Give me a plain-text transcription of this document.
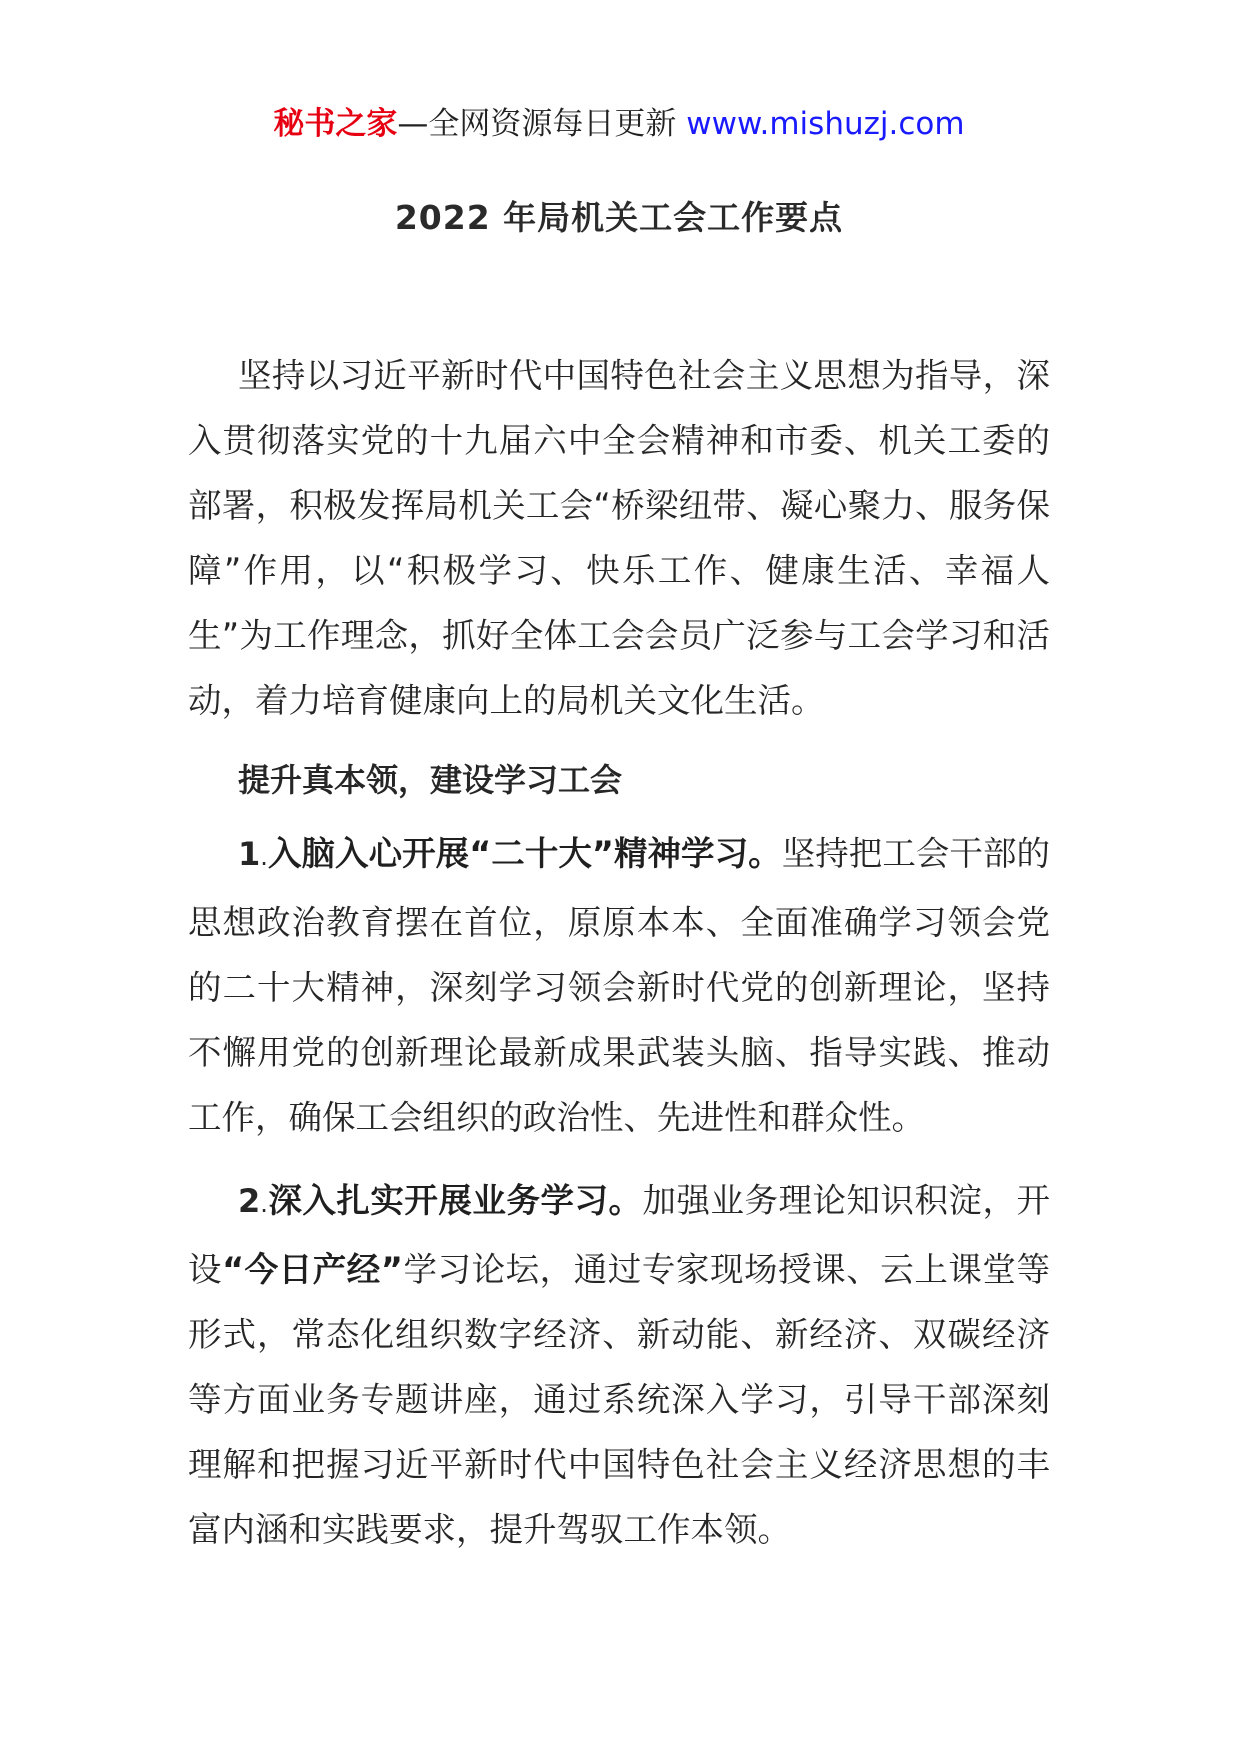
秘书之家—全网资源每日更新 www.mishuzj.com
2022 年局机关工会工作要点

坚持以习近平新时代中国特色社会主义思想为指导，深入贯彻落实党的十九届六中全会精神和市委、机关工委的部署，积极发挥局机关工会“桥梁纽带、凝心聚力、服务保障”作用，以“积极学习、快乐工作、健康生活、幸福人生”为工作理念，抓好全体工会会员广泛参与工会学习和活动，着力培育健康向上的局机关文化生活。

提升真本领，建设学习工会

1.入脑入心开展“二十大”精神学习。坚持把工会干部的思想政治教育摆在首位，原原本本、全面准确学习领会党的二十大精神，深刻学习领会新时代党的创新理论，坚持不懈用党的创新理论最新成果武装头脑、指导实践、推动工作，确保工会组织的政治性、先进性和群众性。

2.深入扎实开展业务学习。加强业务理论知识积淀，开设“今日产经”学习论坛，通过专家现场授课、云上课堂等形式，常态化组织数字经济、新动能、新经济、双碳经济等方面业务专题讲座，通过系统深入学习，引导干部深刻理解和把握习近平新时代中国特色社会主义经济思想的丰富内涵和实践要求，提升驾驭工作本领。
